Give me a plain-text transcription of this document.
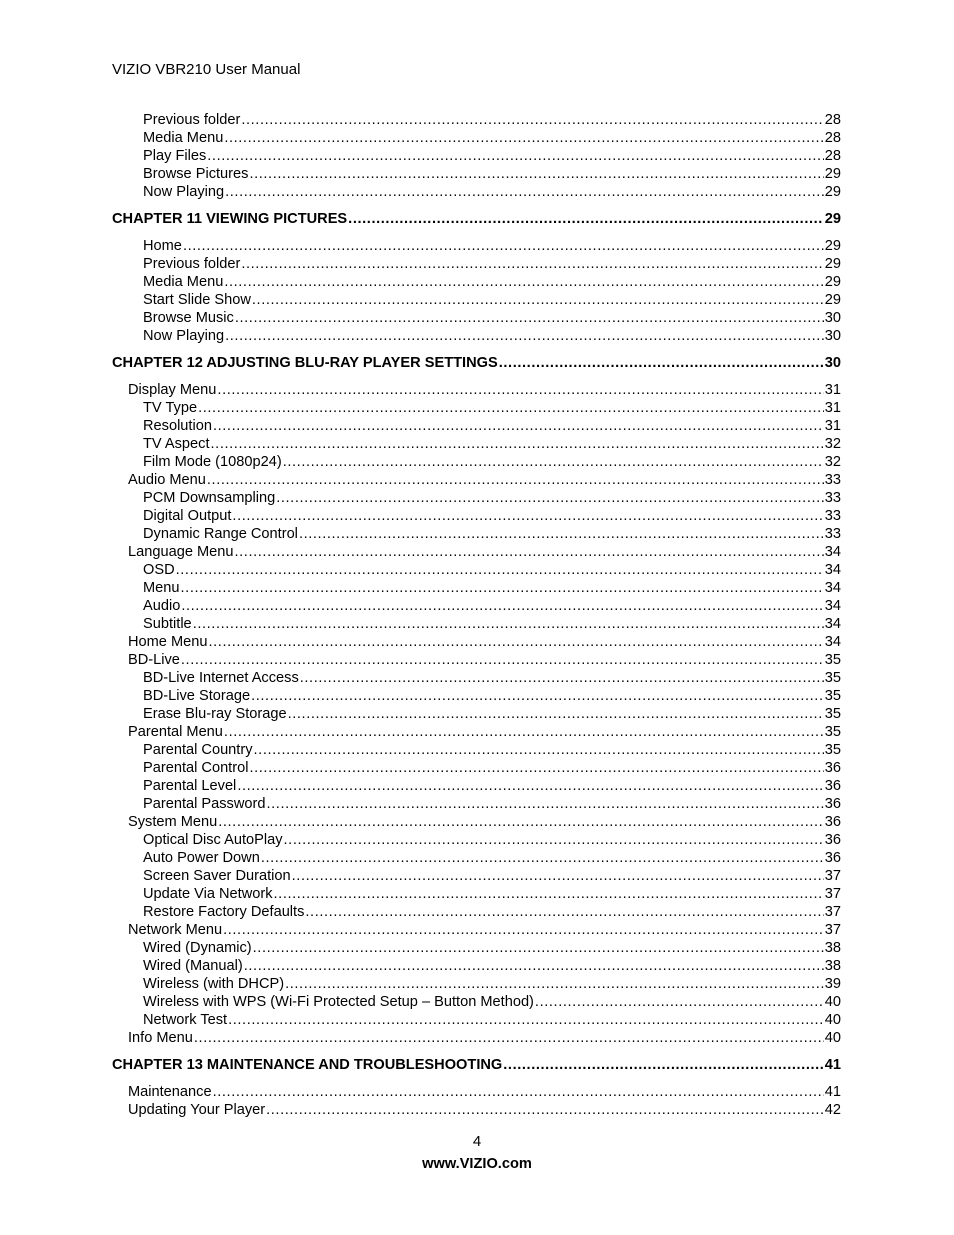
VIZIO VBR210 User Manual
Previous folder .....	28
Media Menu .....	28
Play Files .....	28
Browse Pictures .....	29
Now Playing .....	29
CHAPTER 11 VIEWING PICTURES .....	29
Home .....	29
Previous folder .....	29
Media Menu .....	29
Start Slide Show .....	29
Browse Music .....	30
Now Playing .....	30
CHAPTER 12 ADJUSTING BLU-RAY PLAYER SETTINGS .....	30
Display Menu .....	31
TV Type .....	31
Resolution .....	31
TV Aspect .....	32
Film Mode (1080p24) .....	32
Audio Menu .....	33
PCM Downsampling .....	33
Digital Output .....	33
Dynamic Range Control .....	33
Language Menu .....	34
OSD .....	34
Menu .....	34
Audio .....	34
Subtitle .....	34
Home Menu .....	34
BD-Live .....	35
BD-Live Internet Access .....	35
BD-Live Storage .....	35
Erase Blu-ray Storage .....	35
Parental Menu .....	35
Parental Country .....	35
Parental Control .....	36
Parental Level .....	36
Parental Password .....	36
System Menu .....	36
Optical Disc AutoPlay .....	36
Auto Power Down .....	36
Screen Saver Duration .....	37
Update Via Network .....	37
Restore Factory Defaults .....	37
Network Menu .....	37
Wired (Dynamic) .....	38
Wired (Manual) .....	38
Wireless (with DHCP) .....	39
Wireless with WPS (Wi-Fi Protected Setup – Button Method) .....	40
Network Test .....	40
Info Menu .....	40
CHAPTER 13 MAINTENANCE AND TROUBLESHOOTING .....	41
Maintenance .....	41
Updating Your Player .....	42
4
www.VIZIO.com
